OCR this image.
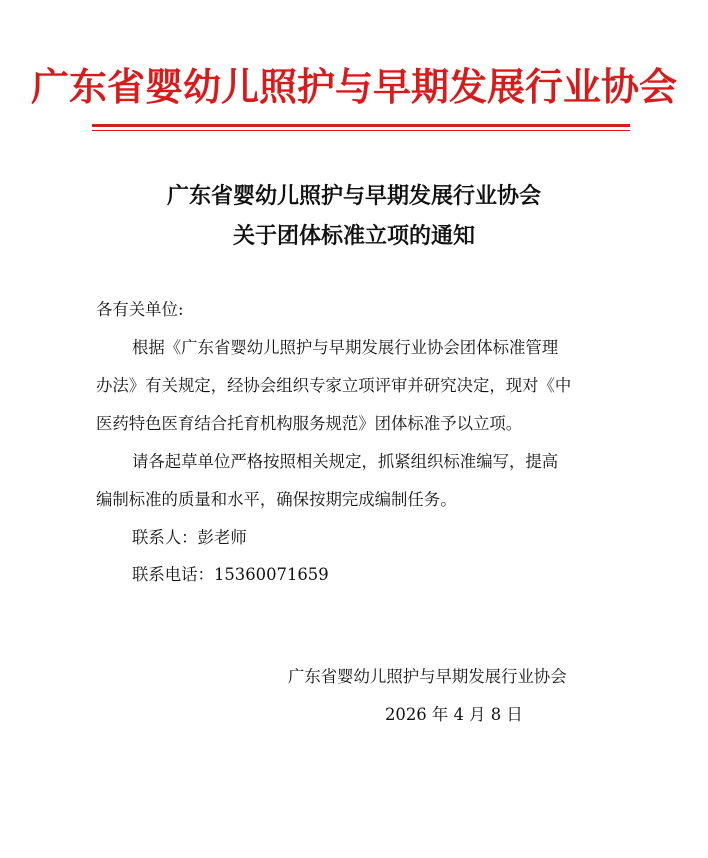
广东省婴幼儿照护与早期发展行业协会
广东省婴幼儿照护与早期发展行业协会
关于团体标准立项的通知
各有关单位:
根据《广东省婴幼儿照护与早期发展行业协会团体标准管理
办法》有关规定，经协会组织专家立项评审并研究决定，现对《中
医药特色医育结合托育机构服务规范》团体标准予以立项。
请各起草单位严格按照相关规定，抓紧组织标准编写，提高
编制标准的质量和水平，确保按期完成编制任务。
联系人：彭老师
联系电话：15360071659
广东省婴幼儿照护与早期发展行业协会
2026 年 4 月 8 日
